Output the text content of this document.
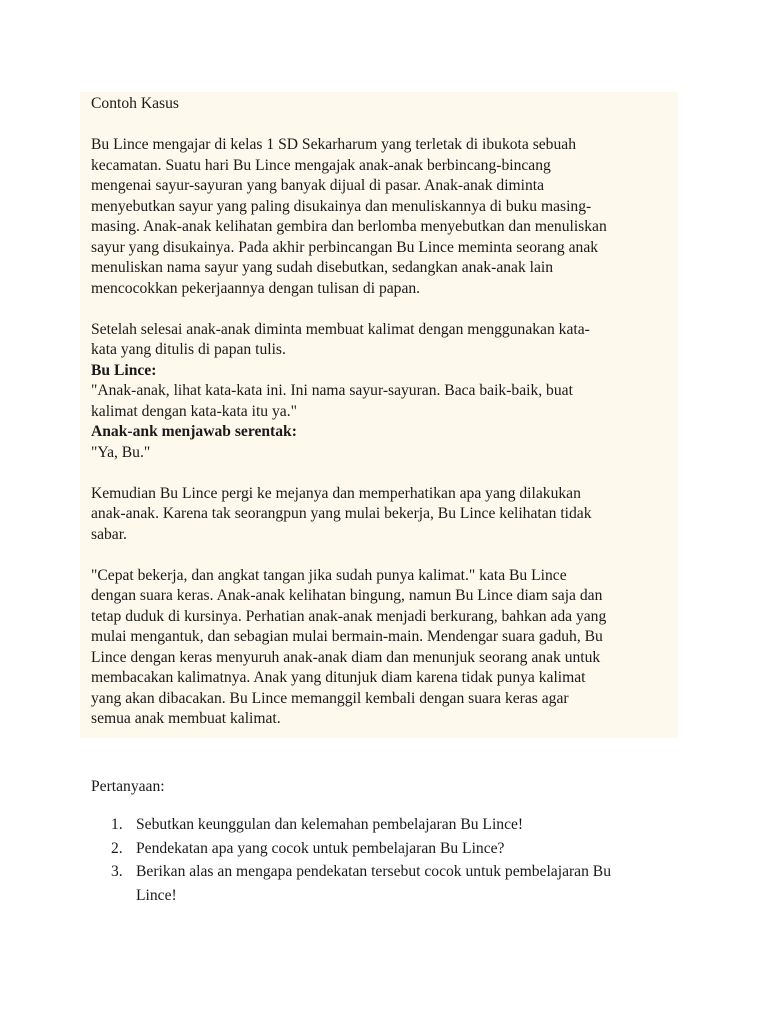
Contoh Kasus

Bu Lince mengajar di kelas 1 SD Sekarharum yang terletak di ibukota sebuah

kecamatan. Suatu hari Bu Lince mengajak anak-anak berbincang-bincang

mengenai sayur-sayuran yang banyak dijual di pasar. Anak-anak diminta

menyebutkan sayur yang paling disukainya dan menuliskannya di buku masing-

masing. Anak-anak kelihatan gembira dan berlomba menyebutkan dan menuliskan

sayur yang disukainya. Pada akhir perbincangan Bu Lince meminta seorang anak

menuliskan nama sayur yang sudah disebutkan, sedangkan anak-anak lain

mencocokkan pekerjaannya dengan tulisan di papan.

Setelah selesai anak-anak diminta membuat kalimat dengan menggunakan kata-

kata yang ditulis di papan tulis.

Bu Lince:

"Anak-anak, lihat kata-kata ini. Ini nama sayur-sayuran. Baca baik-baik, buat

kalimat dengan kata-kata itu ya."

Anak-ank menjawab serentak:

"Ya, Bu."

Kemudian Bu Lince pergi ke mejanya dan memperhatikan apa yang dilakukan

anak-anak. Karena tak seorangpun yang mulai bekerja, Bu Lince kelihatan tidak

sabar.

"Cepat bekerja, dan angkat tangan jika sudah punya kalimat." kata Bu Lince

dengan suara keras. Anak-anak kelihatan bingung, namun Bu Lince diam saja dan

tetap duduk di kursinya. Perhatian anak-anak menjadi berkurang, bahkan ada yang

mulai mengantuk, dan sebagian mulai bermain-main. Mendengar suara gaduh, Bu

Lince dengan keras menyuruh anak-anak diam dan menunjuk seorang anak untuk

membacakan kalimatnya. Anak yang ditunjuk diam karena tidak punya kalimat

yang akan dibacakan. Bu Lince memanggil kembali dengan suara keras agar

semua anak membuat kalimat.

Pertanyaan:

1. Sebutkan keunggulan dan kelemahan pembelajaran Bu Lince!
2. Pendekatan apa yang cocok untuk pembelajaran Bu Lince?
3. Berikan alas an mengapa pendekatan tersebut cocok untuk pembelajaran Bu
Lince!
